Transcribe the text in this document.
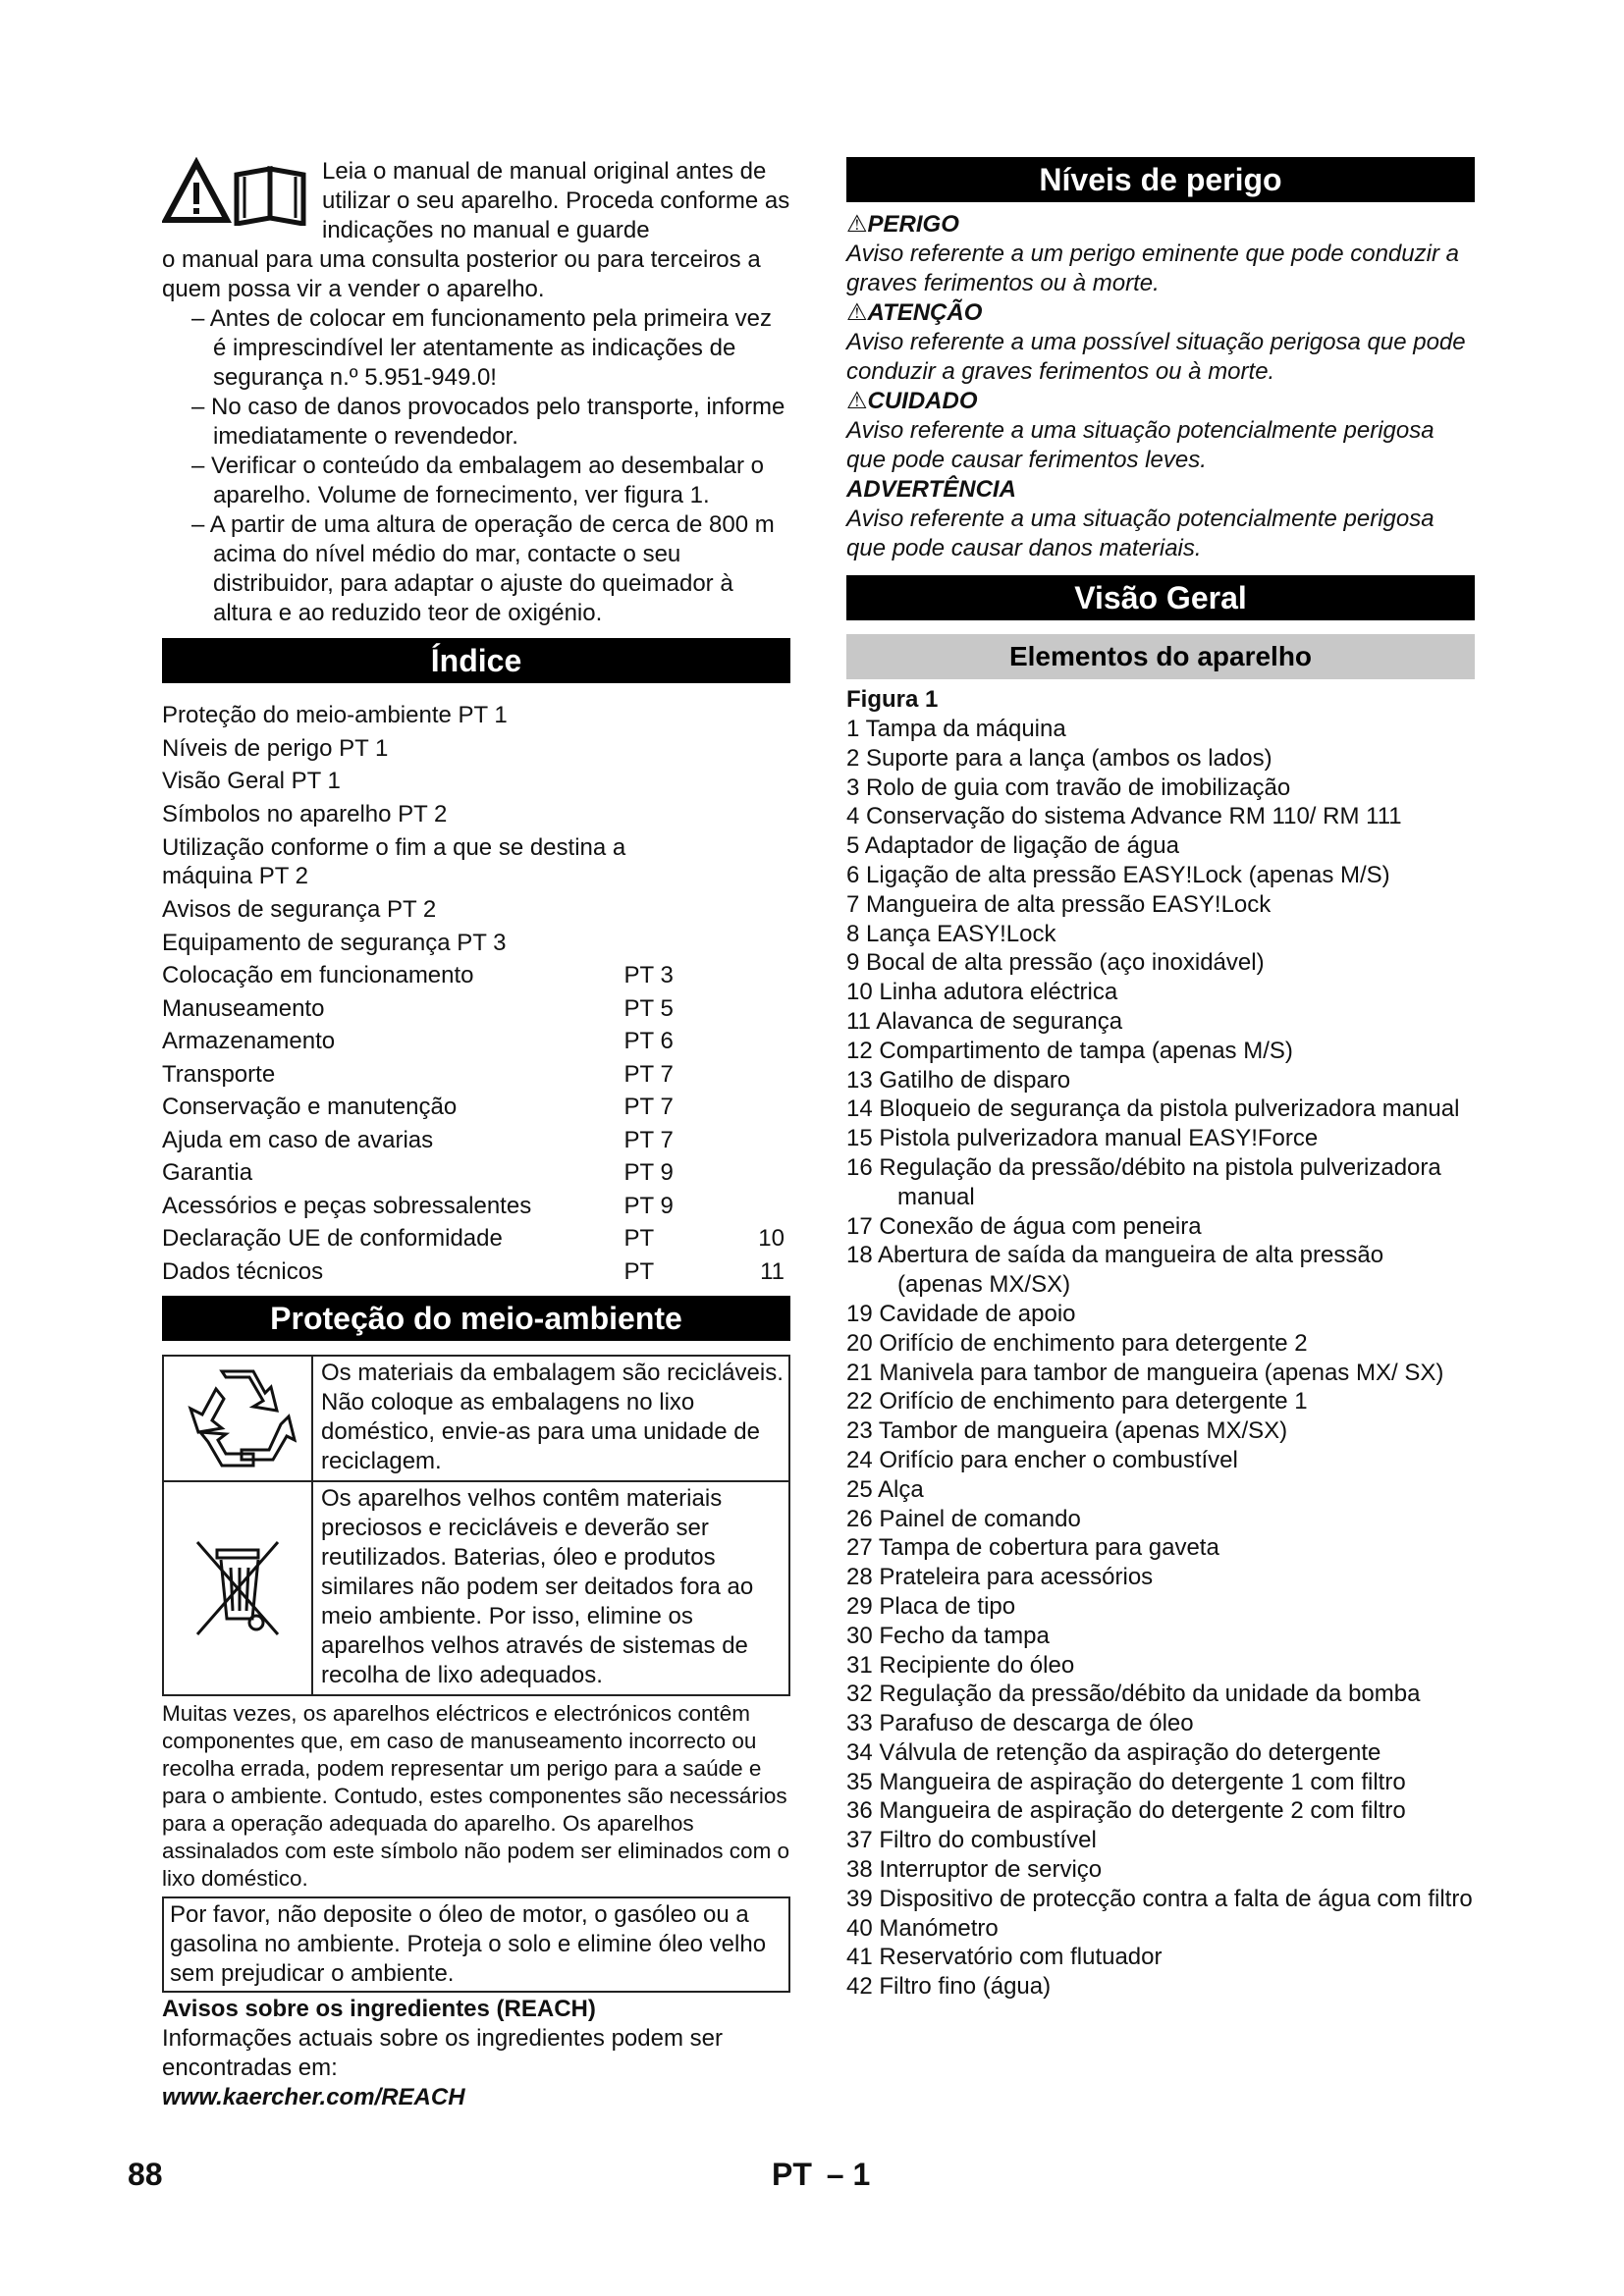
Leia o manual de manual original antes de utilizar o seu aparelho. Proceda conforme as indicações no manual e guarde

o manual para uma consulta posterior ou para terceiros a quem possa vir a vender o aparelho.

– Antes de colocar em funcionamento pela primeira vez é imprescindível ler atentamente as indicações de segurança n.º 5.951-949.0!

– No caso de danos provocados pelo transporte, informe imediatamente o revendedor.

– Verificar o conteúdo da embalagem ao desembalar o aparelho. Volume de fornecimento, ver figura 1.

– A partir de uma altura de operação de cerca de 800 m acima do nível médio do mar, contacte o seu distribuidor, para adaptar o ajuste do queimador à altura e ao reduzido teor de oxigénio.

Índice
Proteção do meio-ambiente PT 1
Níveis de perigo PT 1
Visão Geral PT 1
Símbolos no aparelho PT 2
Utilização conforme o fim a que se destina a máquina PT 2
Avisos de segurança PT 2
Equipamento de segurança PT 3
Colocação em funcionamento	PT 3
Manuseamento	PT 5
Armazenamento	PT 6
Transporte	PT 7
Conservação e manutenção	PT 7
Ajuda em caso de avarias	PT 7
Garantia	PT 9
Acessórios e peças sobressalentes	PT 9
Declaração UE de conformidade	PT	10
Dados técnicos	PT	11
Proteção do meio-ambiente
Os materiais da embalagem são recicláveis. Não coloque as embalagens no lixo doméstico, envie-as para uma unidade de reciclagem.
Os aparelhos velhos contêm materiais preciosos e recicláveis e deverão ser reutilizados. Baterias, óleo e produtos similares não podem ser deitados fora ao meio ambiente. Por isso, elimine os aparelhos velhos através de sistemas de recolha de lixo adequados.

Muitas vezes, os aparelhos eléctricos e electrónicos contêm componentes que, em caso de manuseamento incorrecto ou recolha errada, podem representar um perigo para a saúde e para o ambiente. Contudo, estes componentes são necessários para a operação adequada do aparelho. Os aparelhos assinalados com este símbolo não podem ser eliminados com o lixo doméstico.

Por favor, não deposite o óleo de motor, o gasóleo ou a gasolina no ambiente. Proteja o solo e elimine óleo velho sem prejudicar o ambiente.

Avisos sobre os ingredientes (REACH)

Informações actuais sobre os ingredientes podem ser encontradas em:

www.kaercher.com/REACH

Níveis de perigo

⚠PERIGO

Aviso referente a um perigo eminente que pode conduzir a graves ferimentos ou à morte.

⚠ATENÇÃO

Aviso referente a uma possível situação perigosa que pode conduzir a graves ferimentos ou à morte.

⚠CUIDADO

Aviso referente a uma situação potencialmente perigosa que pode causar ferimentos leves.

ADVERTÊNCIA

Aviso referente a uma situação potencialmente perigosa que pode causar danos materiais.

Visão Geral
Elementos do aparelho

Figura 1

1 Tampa da máquina

2 Suporte para a lança (ambos os lados)

3 Rolo de guia com travão de imobilização

4 Conservação do sistema Advance RM 110/ RM 111

5 Adaptador de ligação de água

6 Ligação de alta pressão EASY!Lock (apenas M/S)

7 Mangueira de alta pressão EASY!Lock

8 Lança EASY!Lock

9 Bocal de alta pressão (aço inoxidável)

10 Linha adutora eléctrica

11 Alavanca de segurança

12 Compartimento de tampa (apenas M/S)

13 Gatilho de disparo

14 Bloqueio de segurança da pistola pulverizadora manual

15 Pistola pulverizadora manual EASY!Force

16 Regulação da pressão/débito na pistola pulverizadora manual

17 Conexão de água com peneira

18 Abertura de saída da mangueira de alta pressão (apenas MX/SX)

19 Cavidade de apoio

20 Orifício de enchimento para detergente 2

21 Manivela para tambor de mangueira (apenas MX/ SX)

22 Orifício de enchimento para detergente 1

23 Tambor de mangueira (apenas MX/SX)

24 Orifício para encher o combustível

25 Alça

26 Painel de comando

27 Tampa de cobertura para gaveta

28 Prateleira para acessórios

29 Placa de tipo

30 Fecho da tampa

31 Recipiente do óleo

32 Regulação da pressão/débito da unidade da bomba

33 Parafuso de descarga de óleo

34 Válvula de retenção da aspiração do detergente

35 Mangueira de aspiração do detergente 1 com filtro

36 Mangueira de aspiração do detergente 2 com filtro

37 Filtro do combustível

38 Interruptor de serviço

39 Dispositivo de protecção contra a falta de água com filtro

40 Manómetro

41 Reservatório com flutuador

42 Filtro fino (água)

88	PT – 1
